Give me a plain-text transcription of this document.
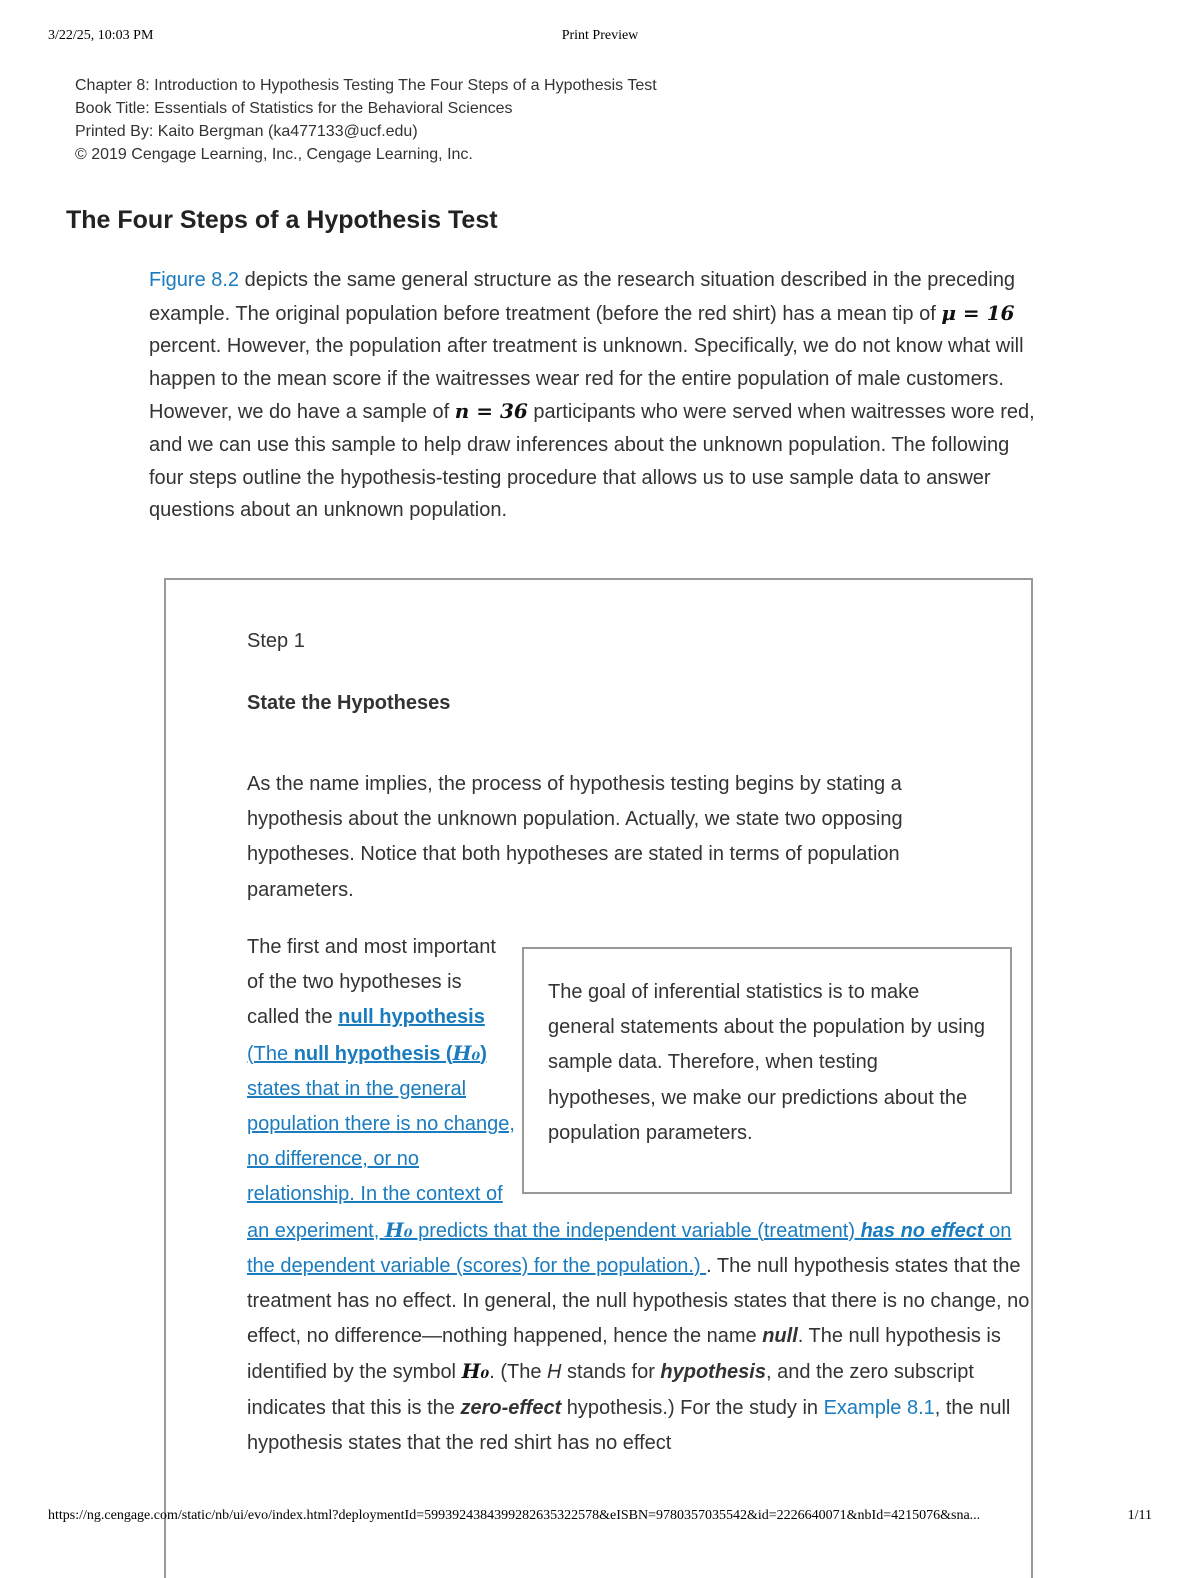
3/22/25, 10:03 PM	Print Preview
Chapter 8: Introduction to Hypothesis Testing The Four Steps of a Hypothesis Test
Book Title: Essentials of Statistics for the Behavioral Sciences
Printed By: Kaito Bergman (ka477133@ucf.edu)
© 2019 Cengage Learning, Inc., Cengage Learning, Inc.
The Four Steps of a Hypothesis Test
Figure 8.2 depicts the same general structure as the research situation described in the preceding example. The original population before treatment (before the red shirt) has a mean tip of μ = 16 percent. However, the population after treatment is unknown. Specifically, we do not know what will happen to the mean score if the waitresses wear red for the entire population of male customers. However, we do have a sample of n = 36 participants who were served when waitresses wore red, and we can use this sample to help draw inferences about the unknown population. The following four steps outline the hypothesis-testing procedure that allows us to use sample data to answer questions about an unknown population.
Step 1
State the Hypotheses
As the name implies, the process of hypothesis testing begins by stating a hypothesis about the unknown population. Actually, we state two opposing hypotheses. Notice that both hypotheses are stated in terms of population parameters.
The goal of inferential statistics is to make general statements about the population by using sample data. Therefore, when testing hypotheses, we make our predictions about the population parameters.
The first and most important of the two hypotheses is called the null hypothesis (The null hypothesis (H₀) states that in the general population there is no change, no difference, or no relationship. In the context of an experiment, H₀ predicts that the independent variable (treatment) has no effect on the dependent variable (scores) for the population.) . The null hypothesis states that the treatment has no effect. In general, the null hypothesis states that there is no change, no effect, no difference—nothing happened, hence the name null. The null hypothesis is identified by the symbol H₀. (The H stands for hypothesis, and the zero subscript indicates that this is the zero-effect hypothesis.) For the study in Example 8.1, the null hypothesis states that the red shirt has no effect
https://ng.cengage.com/static/nb/ui/evo/index.html?deploymentId=5993924384399282635322578&eISBN=9780357035542&id=2226640071&nbId=4215076&sna...	1/11
